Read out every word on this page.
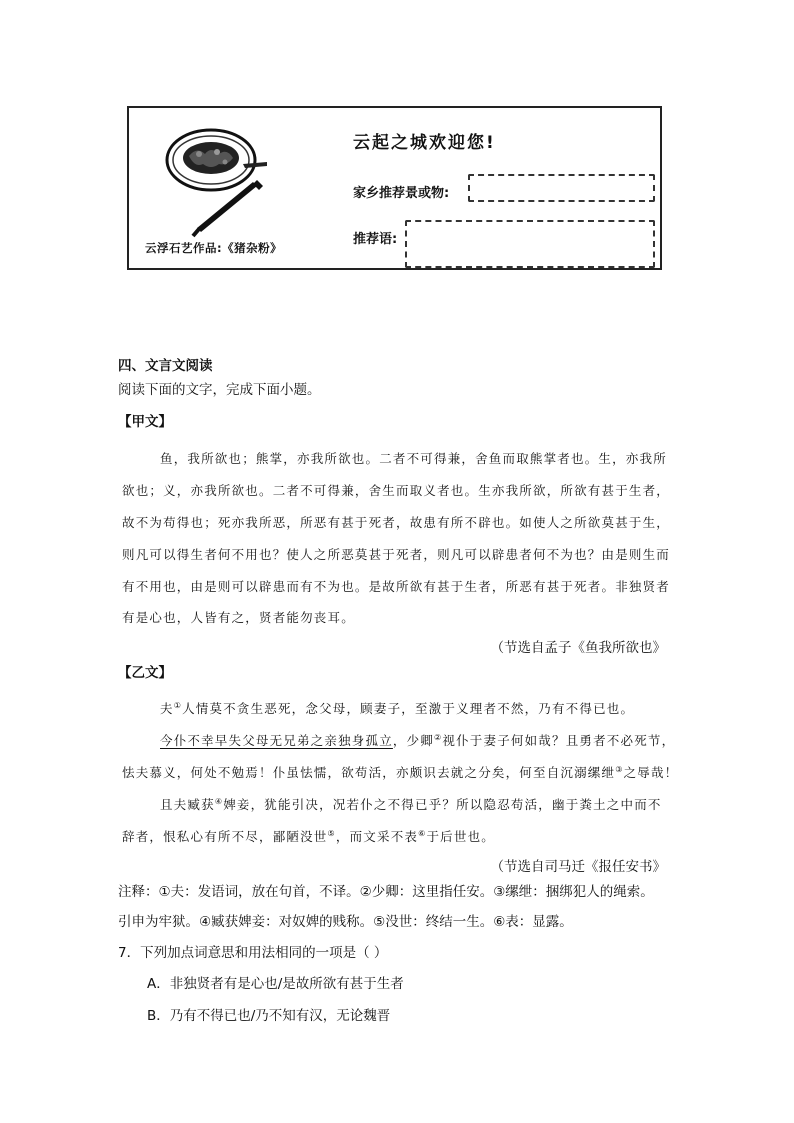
云浮石艺作品:《猪杂粉》
云起之城欢迎您!
家乡推荐景或物:
推荐语:
四、文言文阅读
阅读下面的文字，完成下面小题。
【甲文】
鱼，我所欲也；熊掌，亦我所欲也。二者不可得兼，舍鱼而取熊掌者也。生，亦我所
欲也；义，亦我所欲也。二者不可得兼，舍生而取义者也。生亦我所欲，所欲有甚于生者，
故不为苟得也；死亦我所恶，所恶有甚于死者，故患有所不辟也。如使人之所欲莫甚于生，
则凡可以得生者何不用也？使人之所恶莫甚于死者，则凡可以辟患者何不为也？由是则生而
有不用也，由是则可以辟患而有不为也。是故所欲有甚于生者，所恶有甚于死者。非独贤者
有是心也，人皆有之，贤者能勿丧耳。
（节选自孟子《鱼我所欲也》
【乙文】
夫①人情莫不贪生恶死，念父母，顾妻子，至激于义理者不然，乃有不得已也。
今仆不幸早失父母无兄弟之亲独身孤立，少卿②视仆于妻子何如哉？且勇者不必死节，
怯夫慕义，何处不勉焉！仆虽怯懦，欲苟活，亦颇识去就之分矣，何至自沉溺缧绁③之辱哉！
且夫臧获④婢妾，犹能引决，况若仆之不得已乎？所以隐忍苟活，幽于粪土之中而不
辞者，恨私心有所不尽，鄙陋没世⑤，而文采不表⑥于后世也。
（节选自司马迁《报任安书》
注释：①夫：发语词，放在句首，不译。②少卿：这里指任安。③缧绁：捆绑犯人的绳索。
引申为牢狱。④臧获婢妾：对奴婢的贱称。⑤没世：终结一生。⑥表：显露。
7．下列加点词意思和用法相同的一项是（ ）
A．非独贤者有是心也/是故所欲有甚于生者
B．乃有不得已也/乃不知有汉，无论魏晋
